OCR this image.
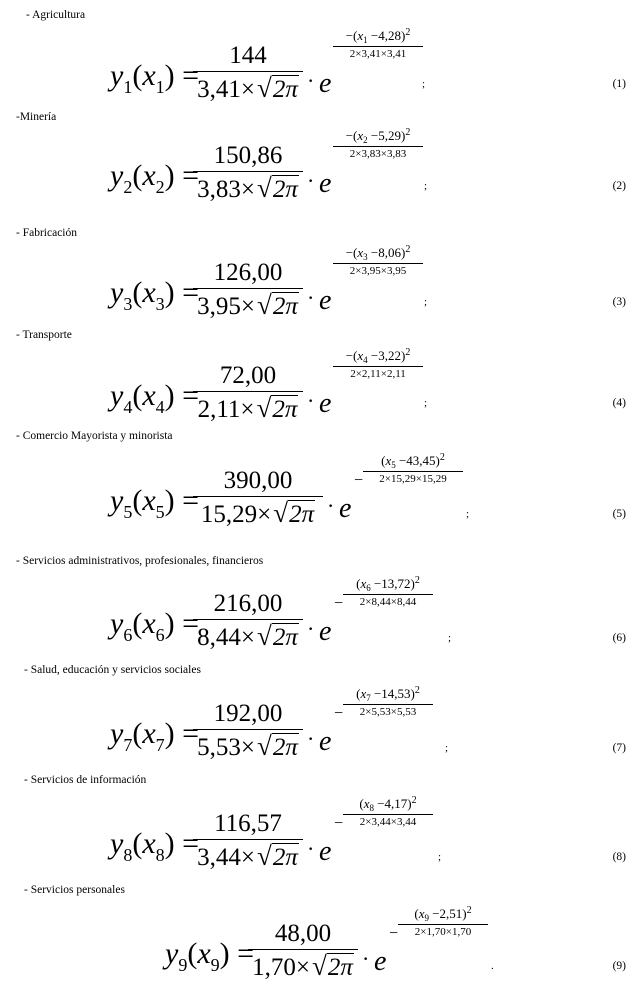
- Agricultura
$y_1(x_1)$ =
144
3,41× √2π · e
$-(x_1 -4,28)^2$
2×3,41×3,41
;	(1)
-Minería
$y_2(x_2)$ =
150,86
3,83× √2π · e
$-(x_2 -5,29)^2$
2×3,83×3,83
;	(2)
- Fabricación
$y_3(x_3)$ =
126,00
3,95× √2π · e
$-(x_3 -8,06)^2$
2×3,95×3,95
;	(3)
- Transporte
$y_4(x_4)$ =
72,00
2,11× √2π · e
$-(x_4 -3,22)^2$
2×2,11×2,11
;	(4)
- Comercio Mayorista y minorista
$y_5(x_5)$ =
390,00
15,29× √2π · e
−
$(x_5 -43,45)^2$
2×15,29×15,29
;	(5)
- Servicios administrativos, profesionales, financieros
$y_6(x_6)$ =
216,00
8,44× √2π · e
−
$(x_6 -13,72)^2$
2×8,44×8,44
;	(6)
- Salud, educación y servicios sociales
$y_7(x_7)$ =
192,00
5,53× √2π · e
−
$(x_7 -14,53)^2$
2×5,53×5,53
;	(7)
- Servicios de información
$y_8(x_8)$ =
116,57
3,44× √2π · e
−
$(x_8 -4,17)^2$
2×3,44×3,44
;	(8)
- Servicios personales
$y_9(x_9)$ =
48,00
1,70× √2π · e
−
$(x_9 -2,51)^2$
2×1,70×1,70
.	(9)
